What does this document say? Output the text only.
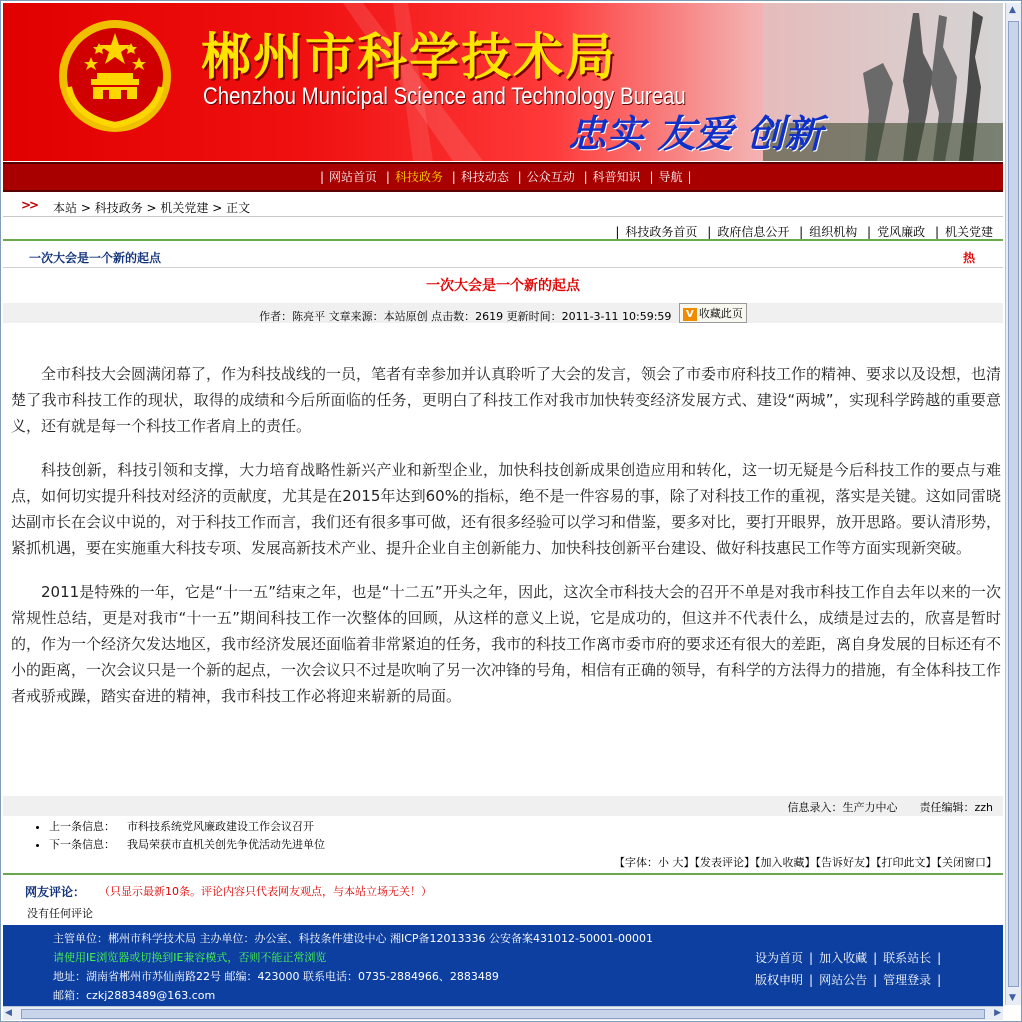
郴州市科学技术局
Chenzhou Municipal Science and Technology Bureau
忠实 友爱 创新
| 网站首页 | 科技政务 | 科技动态 | 公众互动 | 科普知识 | 导航 |
>> 本站 > 科技政务 > 机关党建 > 正文
| 科技政务首页 | 政府信息公开 | 组织机构 | 党风廉政 | 机关党建
一次大会是一个新的起点	热
一次大会是一个新的起点
作者：陈亮平 文章来源：本站原创 点击数：2619 更新时间：2011-3-11 10:59:59 V 收藏此页

全市科技大会圆满闭幕了，作为科技战线的一员，笔者有幸参加并认真聆听了大会的发言，领会了市委市府科技工作的精神、要求以及设想，也清楚了我市科技工作的现状，取得的成绩和今后所面临的任务，更明白了科技工作对我市加快转变经济发展方式、建设“两城”，实现科学跨越的重要意义，还有就是每一个科技工作者肩上的责任。

科技创新，科技引领和支撑，大力培育战略性新兴产业和新型企业，加快科技创新成果创造应用和转化，这一切无疑是今后科技工作的要点与难点，如何切实提升科技对经济的贡献度，尤其是在2015年达到60%的指标，绝不是一件容易的事，除了对科技工作的重视，落实是关键。这如同雷晓达副市长在会议中说的，对于科技工作而言，我们还有很多事可做，还有很多经验可以学习和借鉴，要多对比，要打开眼界，放开思路。要认清形势，紧抓机遇，要在实施重大科技专项、发展高新技术产业、提升企业自主创新能力、加快科技创新平台建设、做好科技惠民工作等方面实现新突破。

2011是特殊的一年，它是“十一五”结束之年，也是“十二五”开头之年，因此，这次全市科技大会的召开不单是对我市科技工作自去年以来的一次常规性总结，更是对我市“十一五”期间科技工作一次整体的回顾，从这样的意义上说，它是成功的，但这并不代表什么，成绩是过去的，欣喜是暂时的，作为一个经济欠发达地区，我市经济发展还面临着非常紧迫的任务，我市的科技工作离市委市府的要求还有很大的差距，离自身发展的目标还有不小的距离，一次会议只是一个新的起点，一次会议只不过是吹响了另一次冲锋的号角，相信有正确的领导，有科学的方法得力的措施，有全体科技工作者戒骄戒躁，踏实奋进的精神，我市科技工作必将迎来崭新的局面。

信息录入：生产力中心　　责任编辑：zzh
• 上一条信息： 市科技系统党风廉政建设工作会议召开
• 下一条信息： 我局荣获市直机关创先争优活动先进单位
【字体：小 大】【发表评论】【加入收藏】【告诉好友】【打印此文】【关闭窗口】
网友评论： （只显示最新10条。评论内容只代表网友观点，与本站立场无关！）
没有任何评论
主管单位：郴州市科学技术局 主办单位：办公室、科技条件建设中心 湘ICP备12013336 公安备案431012-50001-00001
请使用IE浏览器或切换到IE兼容模式，否则不能正常浏览
地址：湖南省郴州市苏仙南路22号 邮编：423000 联系电话：0735-2884966、2883489
邮箱：czkj2883489@163.com
设为首页 | 加入收藏 | 联系站长 |
版权申明 | 网站公告 | 管理登录 |
◀	▶
▲
▼
